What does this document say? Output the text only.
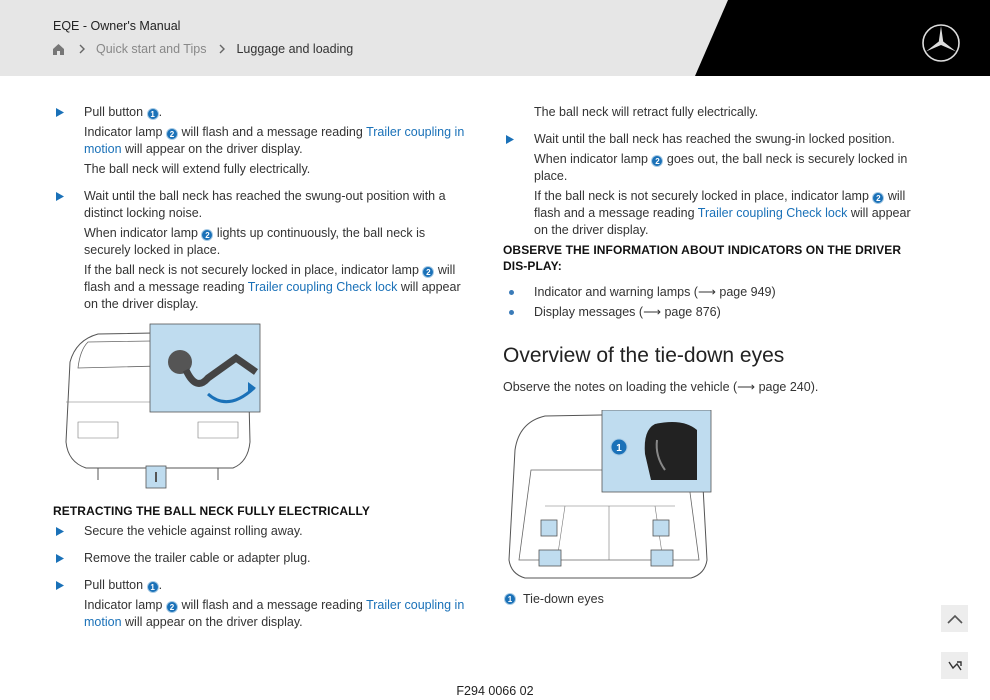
EQE - Owner's Manual
Quick start and Tips Luggage and loading
Pull button 1 .
Indicator lamp 2 will flash and a message reading Trailer coupling in motion will appear on the driver display.
The ball neck will extend fully electrically.
Wait until the ball neck has reached the swung-out position with a distinct locking noise.
When indicator lamp 2 lights up continuously, the ball neck is securely locked in place.
If the ball neck is not securely locked in place, indicator lamp 2 will flash and a message reading Trailer coupling Check lock will appear on the driver display.
RETRACTING THE BALL NECK FULLY ELECTRICALLY
Secure the vehicle against rolling away.
Remove the trailer cable or adapter plug.
Pull button 1 .
Indicator lamp 2 will flash and a message reading Trailer coupling in motion will appear on the driver display.
The ball neck will retract fully electrically.
Wait until the ball neck has reached the swung-in locked position.
When indicator lamp 2 goes out, the ball neck is securely locked in place.
If the ball neck is not securely locked in place, indicator lamp 2 will flash and a message reading Trailer coupling Check lock will appear on the driver display.
OBSERVE THE INFORMATION ABOUT INDICATORS ON THE DRIVER DIS-PLAY:
Indicator and warning lamps (⟶ page 949)
Display messages (⟶ page 876)
Overview of the tie-down eyes
Observe the notes on loading the vehicle (⟶ page 240).
1
1 Tie-down eyes
F294 0066 02
